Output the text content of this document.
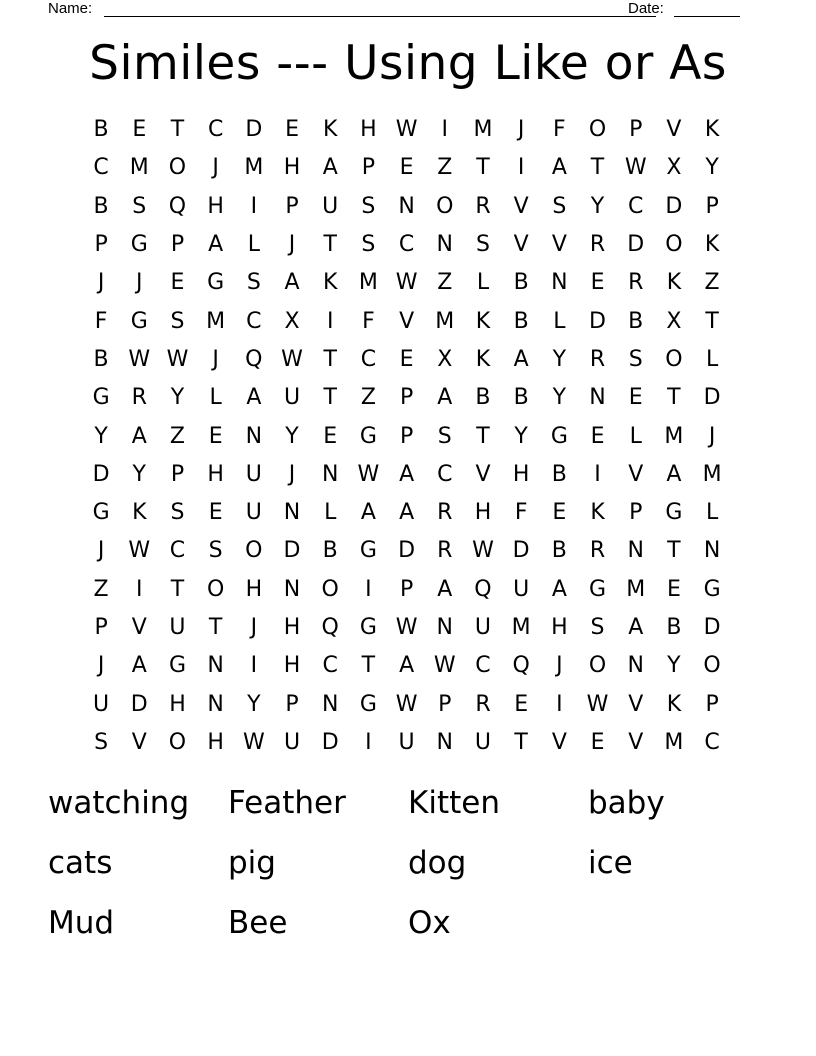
Name:	Date:
Similes --- Using Like or As
B	E	T	C	D	E	K	H W	I	M	J	F	O	P	V	K
C M O	J	M H	A	P	E	Z	T	I	A	T W X	Y
B	S	Q H	I	P	U	S	N O R	V	S	Y	C	D	P
P	G	P	A	L	J	T	S	C	N	S	V	V	R	D O	K
J	J	E	G	S	A	K M W Z	L	B	N	E	R	K	Z
F	G	S M C	X	I	F	V M K	B	L	D	B	X	T
B W W	J	Q W T	C	E	X	K	A	Y	R	S	O	L
G	R	Y	L	A	U	T	Z	P	A	B	B	Y	N	E	T	D
Y	A	Z	E	N	Y	E	G	P	S	T	Y	G	E	L	M	J
D	Y	P	H U	J	N W A	C	V	H	B	I	V	A M
G	K	S	E	U N	L	A	A	R	H	F	E	K	P	G	L
J	W C	S	O D	B	G D	R W D	B	R	N	T	N
Z	I	T	O H N O	I	P	A Q U	A	G M E	G
P	V	U	T	J	H Q G W N U M H	S	A	B	D
J	A	G N	I	H	C	T	A W C Q	J	O N	Y	O
U D H N	Y	P	N G W P	R	E	I	W V	K	P
S	V O H W U D	I	U N U	T	V	E	V M C
watching	Feather	Kitten	baby
cats	pig	dog	ice
Mud	Bee	Ox
